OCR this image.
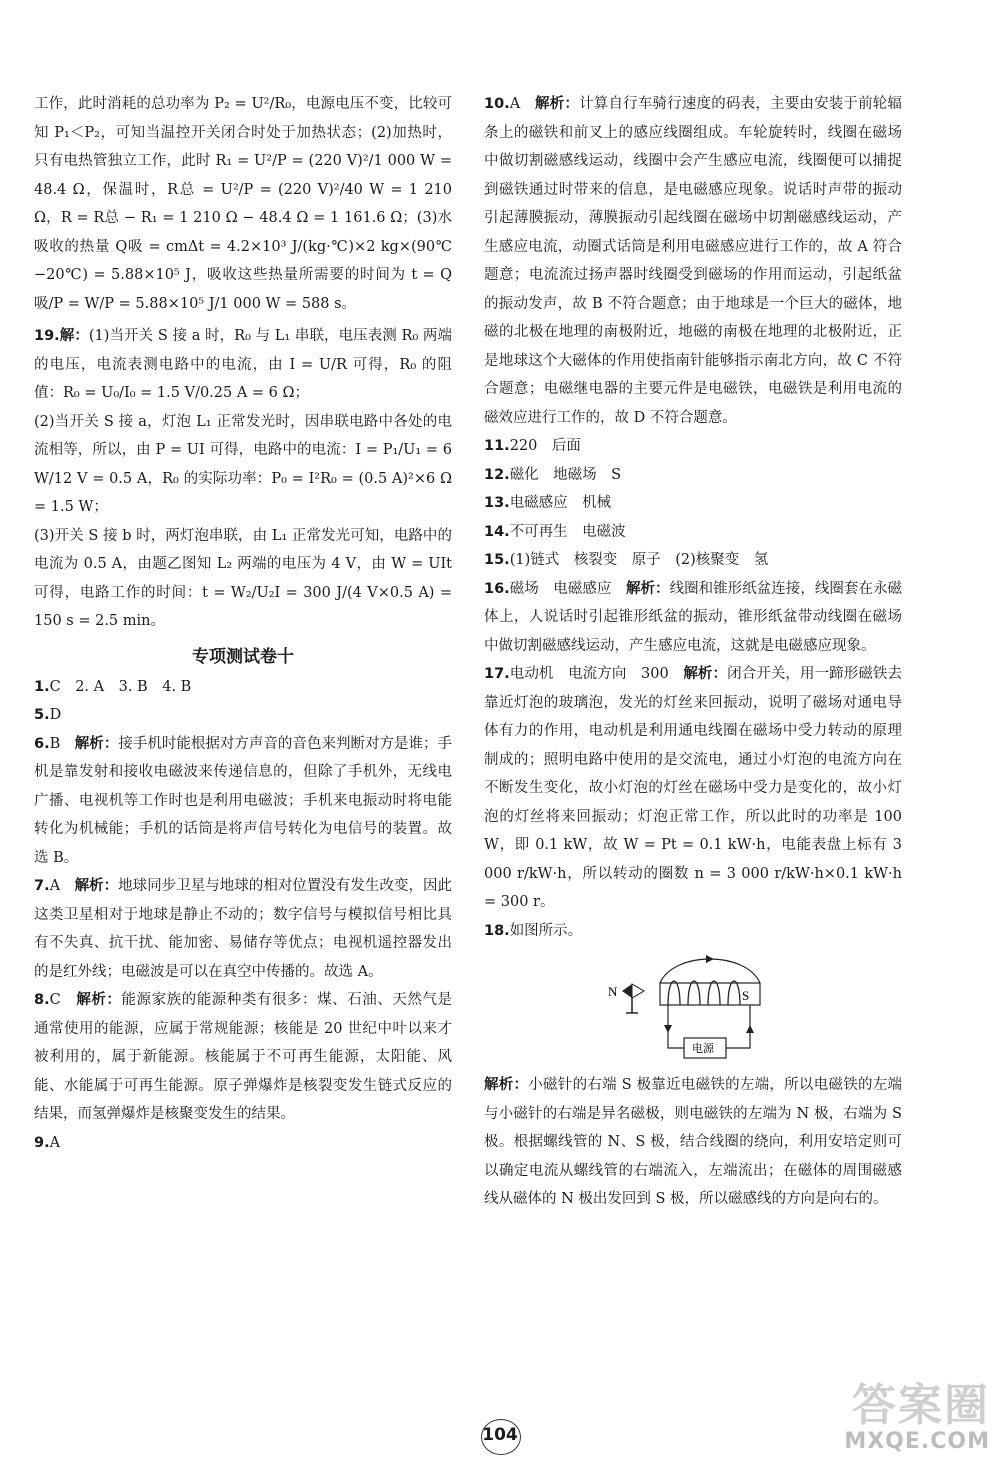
工作，此时消耗的总功率为 P₂ = U²/R₀，电源电压不变，比较可知 P₁＜P₂，可知当温控开关闭合时处于加热状态；(2)加热时，只有电热管独立工作，此时 R₁ = U²/P = (220 V)²/1 000 W = 48.4 Ω，保温时，R总 = U²/P = (220 V)²/40 W = 1 210 Ω，R = R总 − R₁ = 1 210 Ω − 48.4 Ω = 1 161.6 Ω；(3)水吸收的热量 Q吸 = cmΔt = 4.2×10³ J/(kg·℃)×2 kg×(90℃−20℃) = 5.88×10⁵ J，吸收这些热量所需要的时间为 t = Q吸/P = W/P = 5.88×10⁵ J/1 000 W = 588 s。

19.解：(1)当开关 S 接 a 时，R₀ 与 L₁ 串联，电压表测 R₀ 两端的电压，电流表测电路中的电流，由 I = U/R 可得，R₀ 的阻值：R₀ = U₀/I₀ = 1.5 V/0.25 A = 6 Ω；

(2)当开关 S 接 a，灯泡 L₁ 正常发光时，因串联电路中各处的电流相等，所以，由 P = UI 可得，电路中的电流：I = P₁/U₁ = 6 W/12 V = 0.5 A，R₀ 的实际功率：P₀ = I²R₀ = (0.5 A)²×6 Ω = 1.5 W；

(3)开关 S 接 b 时，两灯泡串联，由 L₁ 正常发光可知，电路中的电流为 0.5 A，由题乙图知 L₂ 两端的电压为 4 V，由 W = UIt 可得，电路工作的时间：t = W₂/U₂I = 300 J/(4 V×0.5 A) = 150 s = 2.5 min。

专项测试卷十

1.C　2. A　3. B　4. B

5.D

6.B　解析：接手机时能根据对方声音的音色来判断对方是谁；手机是靠发射和接收电磁波来传递信息的，但除了手机外，无线电广播、电视机等工作时也是利用电磁波；手机来电振动时将电能转化为机械能；手机的话筒是将声信号转化为电信号的装置。故选 B。

7.A　解析：地球同步卫星与地球的相对位置没有发生改变，因此这类卫星相对于地球是静止不动的；数字信号与模拟信号相比具有不失真、抗干扰、能加密、易储存等优点；电视机遥控器发出的是红外线；电磁波是可以在真空中传播的。故选 A。

8.C　解析：能源家族的能源种类有很多：煤、石油、天然气是通常使用的能源，应属于常规能源；核能是 20 世纪中叶以来才被利用的，属于新能源。核能属于不可再生能源，太阳能、风能、水能属于可再生能源。原子弹爆炸是核裂变发生链式反应的结果，而氢弹爆炸是核聚变发生的结果。

9.A

10.A　解析：计算自行车骑行速度的码表，主要由安装于前轮辐条上的磁铁和前叉上的感应线圈组成。车轮旋转时，线圈在磁场中做切割磁感线运动，线圈中会产生感应电流，线圈便可以捕捉到磁铁通过时带来的信息，是电磁感应现象。说话时声带的振动引起薄膜振动，薄膜振动引起线圈在磁场中切割磁感线运动，产生感应电流，动圈式话筒是利用电磁感应进行工作的，故 A 符合题意；电流流过扬声器时线圈受到磁场的作用而运动，引起纸盆的振动发声，故 B 不符合题意；由于地球是一个巨大的磁体，地磁的北极在地理的南极附近，地磁的南极在地理的北极附近，正是地球这个大磁体的作用使指南针能够指示南北方向，故 C 不符合题意；电磁继电器的主要元件是电磁铁，电磁铁是利用电流的磁效应进行工作的，故 D 不符合题意。

11.220　后面

12.磁化　地磁场　S

13.电磁感应　机械

14.不可再生　电磁波

15.(1)链式　核裂变　原子　(2)核聚变　氢

16.磁场　电磁感应　解析：线圈和锥形纸盆连接，线圈套在永磁体上，人说话时引起锥形纸盆的振动，锥形纸盆带动线圈在磁场中做切割磁感线运动，产生感应电流，这就是电磁感应现象。

17.电动机　电流方向　300　解析：闭合开关，用一蹄形磁铁去靠近灯泡的玻璃泡，发光的灯丝来回振动，说明了磁场对通电导体有力的作用，电动机是利用通电线圈在磁场中受力转动的原理制成的；照明电路中使用的是交流电，通过小灯泡的电流方向在不断发生变化，故小灯泡的灯丝在磁场中受力是变化的，故小灯泡的灯丝将来回振动；灯泡正常工作，所以此时的功率是 100 W，即 0.1 kW，故 W = Pt = 0.1 kW·h，电能表盘上标有 3 000 r/kW·h，所以转动的圈数 n = 3 000 r/kW·h×0.1 kW·h = 300 r。

18.如图所示。

N	S
电源

解析：小磁针的右端 S 极靠近电磁铁的左端，所以电磁铁的左端与小磁针的右端是异名磁极，则电磁铁的左端为 N 极，右端为 S 极。根据螺线管的 N、S 极，结合线圈的绕向，利用安培定则可以确定电流从螺线管的右端流入，左端流出；在磁体的周围磁感线从磁体的 N 极出发回到 S 极，所以磁感线的方向是向右的。

104
答案圈
MXQE.COM
